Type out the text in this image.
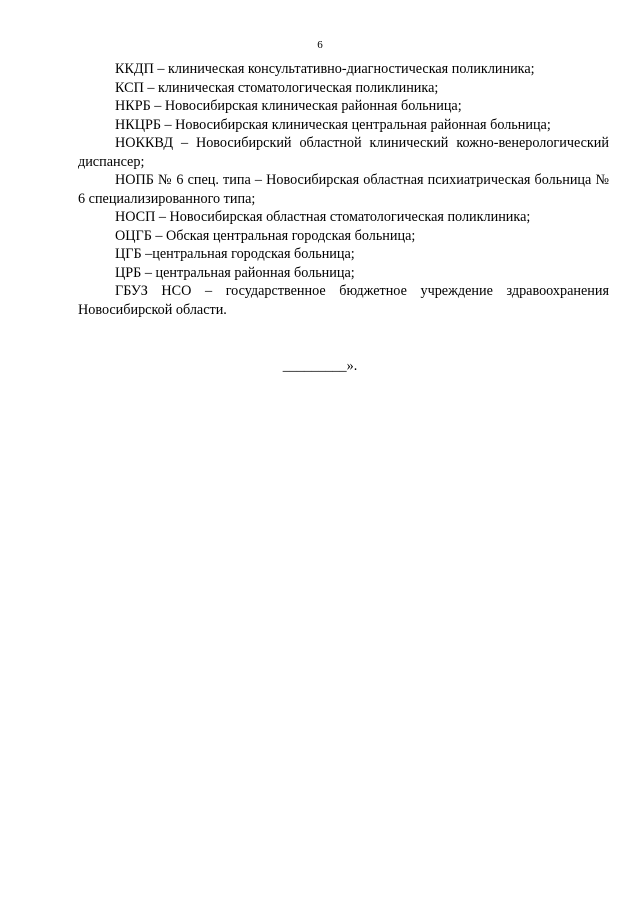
6

ККДП – клиническая консультативно-диагностическая поликлиника;

КСП – клиническая стоматологическая поликлиника;

НКРБ – Новосибирская клиническая районная больница;

НКЦРБ – Новосибирская клиническая центральная районная больница;

НОККВД – Новосибирский областной клинический кожно-венерологический диспансер;

НОПБ № 6 спец. типа – Новосибирская областная психиатрическая больница № 6 специализированного типа;

НОСП – Новосибирская областная стоматологическая поликлиника;

ОЦГБ – Обская центральная городская больница;

ЦГБ –центральная городская больница;

ЦРБ – центральная районная больница;

ГБУЗ НСО – государственное бюджетное учреждение здравоохранения Новосибирской области.

_________».
